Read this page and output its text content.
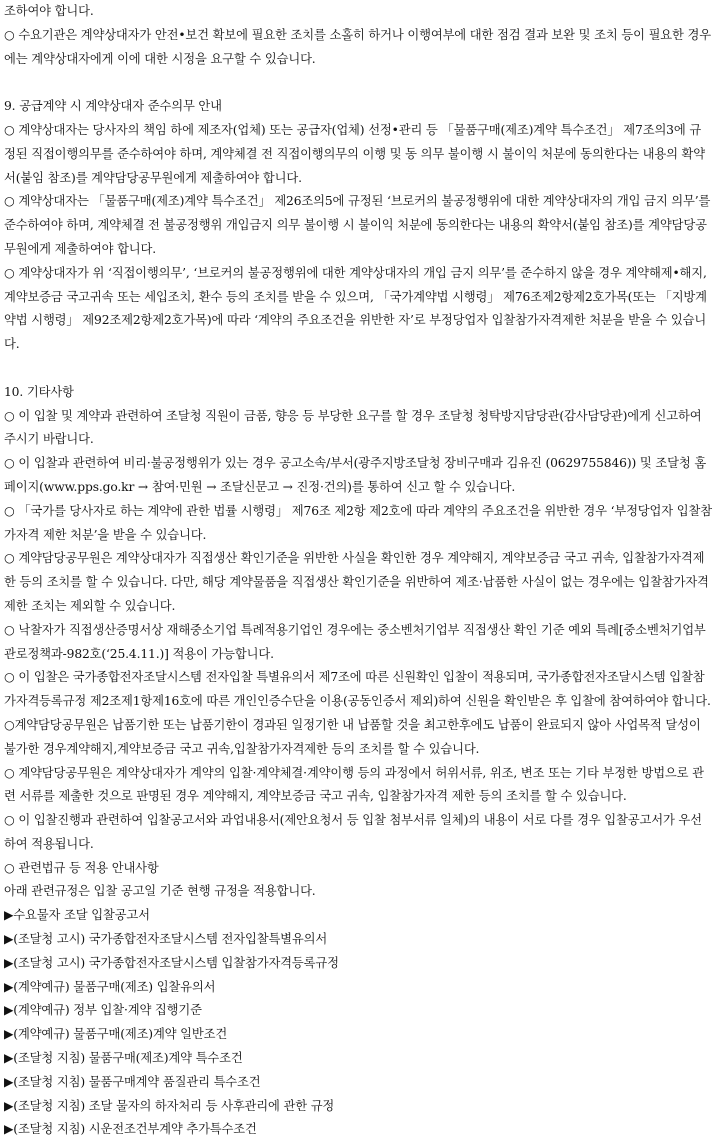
조하여야 합니다.

○ 수요기관은 계약상대자가 안전•보건 확보에 필요한 조치를 소홀히 하거나 이행여부에 대한 점검 결과 보완 및 조치 등이 필요한 경우에는 계약상대자에게 이에 대한 시정을 요구할 수 있습니다.

9. 공급계약 시 계약상대자 준수의무 안내

○ 계약상대자는 당사자의 책임 하에 제조자(업체) 또는 공급자(업체) 선정•관리 등 「물품구매(제조)계약 특수조건」 제7조의3에 규정된 직접이행의무를 준수하여야 하며, 계약체결 전 직접이행의무의 이행 및 동 의무 불이행 시 불이익 처분에 동의한다는 내용의 확약서(붙임 참조)를 계약담당공무원에게 제출하여야 합니다.

○ 계약상대자는 「물품구매(제조)계약 특수조건」 제26조의5에 규정된 ‘브로커의 불공정행위에 대한 계약상대자의 개입 금지 의무’를 준수하여야 하며, 계약체결 전 불공정행위 개입금지 의무 불이행 시 불이익 처분에 동의한다는 내용의 확약서(붙임 참조)를 계약담당공무원에게 제출하여야 합니다.

○ 계약상대자가 위 ‘직접이행의무’, ‘브로커의 불공정행위에 대한 계약상대자의 개입 금지 의무’를 준수하지 않을 경우 계약해제•해지, 계약보증금 국고귀속 또는 세입조치, 환수 등의 조치를 받을 수 있으며, 「국가계약법 시행령」 제76조제2항제2호가목(또는 「지방계약법 시행령」 제92조제2항제2호가목)에 따라 ‘계약의 주요조건을 위반한 자’로 부정당업자 입찰참가자격제한 처분을 받을 수 있습니다.

10. 기타사항

○ 이 입찰 및 계약과 관련하여 조달청 직원이 금품, 향응 등 부당한 요구를 할 경우 조달청 청탁방지담당관(감사담당관)에게 신고하여 주시기 바랍니다.

○ 이 입찰과 관련하여 비리·불공정행위가 있는 경우 공고소속/부서(광주지방조달청 장비구매과 김유진 (0629755846)) 및 조달청 홈페이지(www.pps.go.kr → 참여·민원 → 조달신문고 → 진정·건의)를 통하여 신고 할 수 있습니다.

○ 「국가를 당사자로 하는 계약에 관한 법률 시행령」 제76조 제2항 제2호에 따라 계약의 주요조건을 위반한 경우 ‘부정당업자 입찰참가자격 제한 처분’을 받을 수 있습니다.

○ 계약담당공무원은 계약상대자가 직접생산 확인기준을 위반한 사실을 확인한 경우 계약해지, 계약보증금 국고 귀속, 입찰참가자격제한 등의 조치를 할 수 있습니다. 다만, 해당 계약물품을 직접생산 확인기준을 위반하여 제조·납품한 사실이 없는 경우에는 입찰참가자격제한 조치는 제외할 수 있습니다.

○ 낙찰자가 직접생산증명서상 재해중소기업 특례적용기업인 경우에는 중소벤처기업부 직접생산 확인 기준 예외 특례[중소벤처기업부 관로정책과-982호(‘25.4.11.)] 적용이 가능합니다.

○ 이 입찰은 국가종합전자조달시스템 전자입찰 특별유의서 제7조에 따른 신원확인 입찰이 적용되며, 국가종합전자조달시스템 입찰참가자격등록규정 제2조제1항제16호에 따른 개인인증수단을 이용(공동인증서 제외)하여 신원을 확인받은 후 입찰에 참여하여야 합니다.

○계약담당공무원은 납품기한 또는 납품기한이 경과된 일정기한 내 납품할 것을 최고한후에도 납품이 완료되지 않아 사업목적 달성이 불가한 경우계약해지,계약보증금 국고 귀속,입찰참가자격제한 등의 조치를 할 수 있습니다.

○ 계약담당공무원은 계약상대자가 계약의 입찰·계약체결·계약이행 등의 과정에서 허위서류, 위조, 변조 또는 기타 부정한 방법으로 관련 서류를 제출한 것으로 판명된 경우 계약해지, 계약보증금 국고 귀속, 입찰참가자격 제한 등의 조치를 할 수 있습니다.

○ 이 입찰진행과 관련하여 입찰공고서와 과업내용서(제안요청서 등 입찰 첨부서류 일체)의 내용이 서로 다를 경우 입찰공고서가 우선하여 적용됩니다.

○ 관련법규 등 적용 안내사항

아래 관련규정은 입찰 공고일 기준 현행 규정을 적용합니다.

▶수요물자 조달 입찰공고서

▶(조달청 고시) 국가종합전자조달시스템 전자입찰특별유의서

▶(조달청 고시) 국가종합전자조달시스템 입찰참가자격등록규정

▶(계약예규) 물품구매(제조) 입찰유의서

▶(계약예규) 정부 입찰·계약 집행기준

▶(계약예규) 물품구매(제조)계약 일반조건

▶(조달청 지침) 물품구매(제조)계약 특수조건

▶(조달청 지침) 물품구매계약 품질관리 특수조건

▶(조달청 지침) 조달 물자의 하자처리 등 사후관리에 관한 규정

▶(조달청 지침) 시운전조건부계약 추가특수조건
